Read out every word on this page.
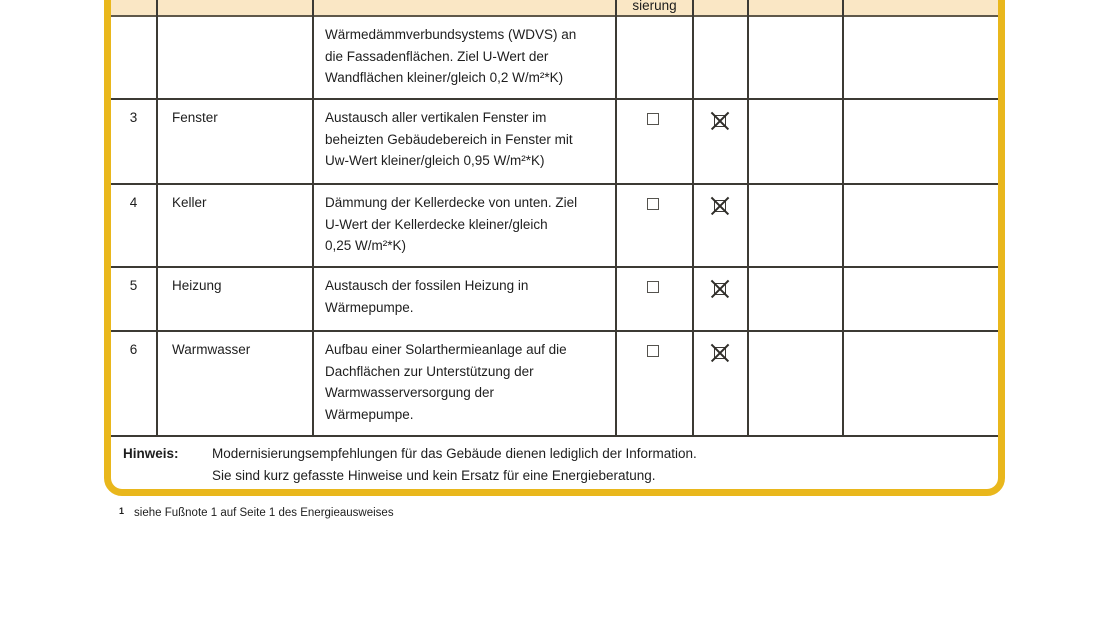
sierung
Wärmedämmverbundsystems (WDVS) an
die Fassadenflächen. Ziel U-Wert der
Wandflächen kleiner/gleich 0,2 W/m²*K)
3	Fenster	Austausch aller vertikalen Fenster im
beheizten Gebäudebereich in Fenster mit
Uw-Wert kleiner/gleich 0,95 W/m²*K)
4	Keller	Dämmung der Kellerdecke von unten. Ziel
U-Wert der Kellerdecke kleiner/gleich
0,25 W/m²*K)
5	Heizung	Austausch der fossilen Heizung in
Wärmepumpe.
6	Warmwasser	Aufbau einer Solarthermieanlage auf die
Dachflächen zur Unterstützung der
Warmwasserversorgung der
Wärmepumpe.
Hinweis: Modernisierungsempfehlungen für das Gebäude dienen lediglich der Information.
Sie sind kurz gefasste Hinweise und kein Ersatz für eine Energieberatung.
1 siehe Fußnote 1 auf Seite 1 des Energieausweises
